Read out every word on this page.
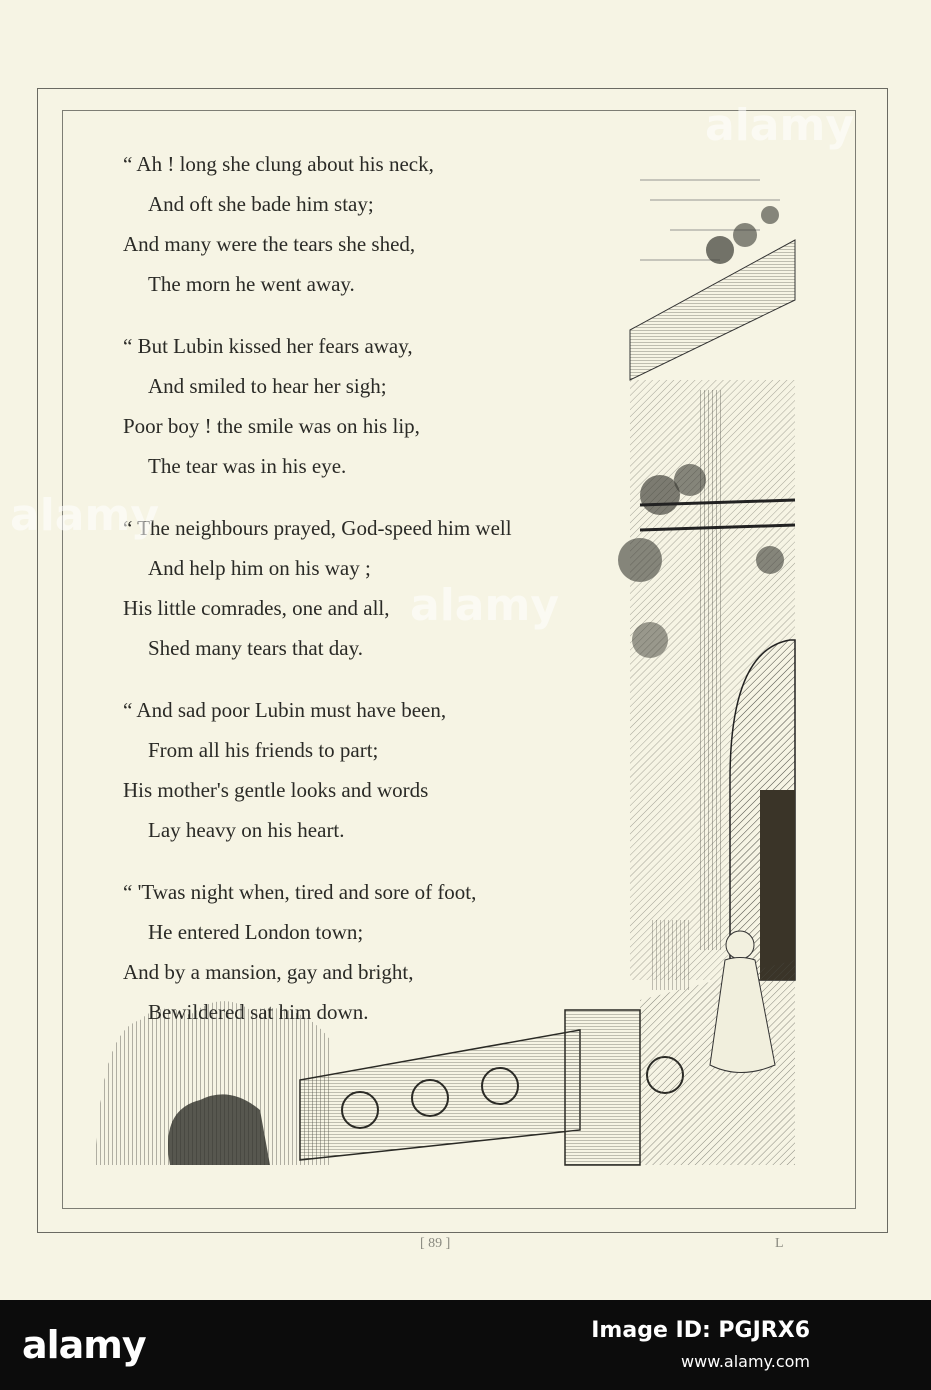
“ Ah ! long she clung about his neck,
And oft she bade him stay;
And many were the tears she shed,
The morn he went away.
“ But Lubin kissed her fears away,
And smiled to hear her sigh;
Poor boy ! the smile was on his lip,
The tear was in his eye.
“ The neighbours prayed, God-speed him well
And help him on his way ;
His little comrades, one and all,
Shed many tears that day.
“ And sad poor Lubin must have been,
From all his friends to part;
His mother's gentle looks and words
Lay heavy on his heart.
“ 'Twas night when, tired and sore of foot,
He entered London town;
And by a mansion, gay and bright,
Bewildered sat him down.
[ 89 ]	L
alamy
alamy
alamy
alamy	Image ID: PGJRX6
www.alamy.com
